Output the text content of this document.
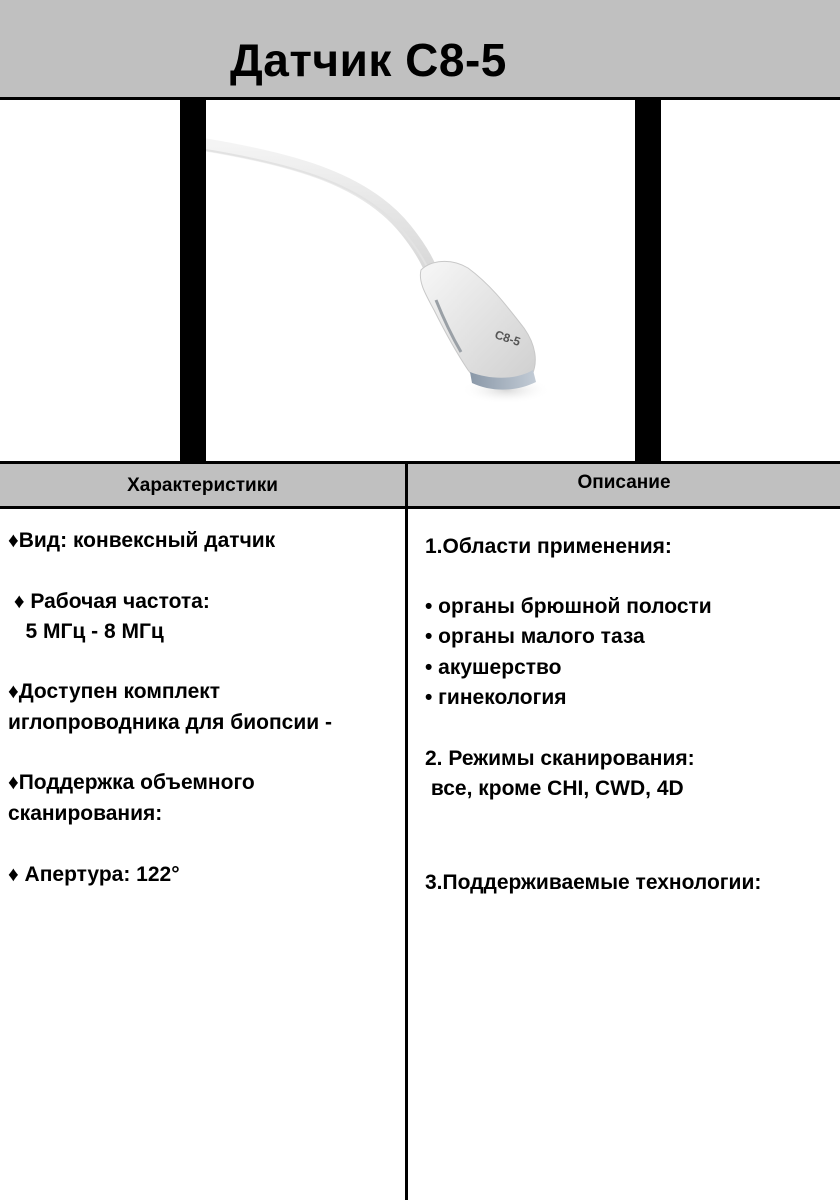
Датчик C8-5
C8-5
Характеристики	Описание

♦Вид: конвексный датчик

♦ Рабочая частота:

5 МГц - 8 МГц

♦Доступен комплект

иглопроводника для биопсии -

♦Поддержка объемного

сканирования:

♦ Апертура: 122°

1.Области применения:

• органы брюшной полости

• органы малого таза

• акушерство

• гинекология

2. Режимы сканирования:

все, кроме CHI, CWD, 4D

3.Поддерживаемые технологии:
